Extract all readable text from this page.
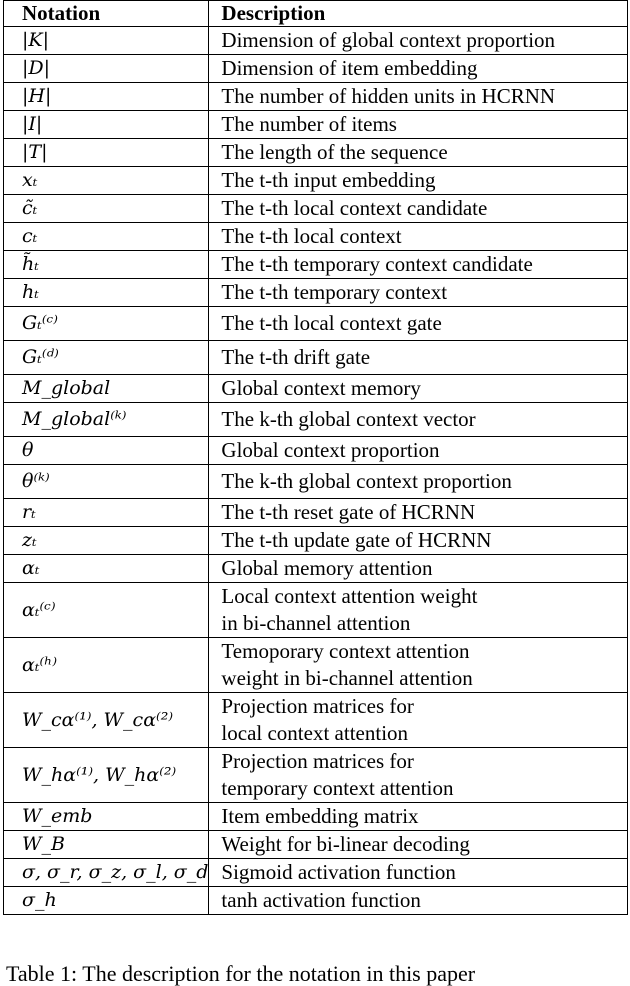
Notation	Description
|K|	Dimension of global context proportion
|D|	Dimension of item embedding
|H|	The number of hidden units in HCRNN
|I|	The number of items
|T|	The length of the sequence
xₜ	The t-th input embedding
c̃ₜ	The t-th local context candidate
cₜ	The t-th local context
h̃ₜ	The t-th temporary context candidate
hₜ	The t-th temporary context
Gₜ⁽ᶜ⁾	The t-th local context gate
Gₜ⁽ᵈ⁾	The t-th drift gate
M_global	Global context memory
M_global⁽ᵏ⁾	The k-th global context vector
θ	Global context proportion
θ⁽ᵏ⁾	The k-th global context proportion
rₜ	The t-th reset gate of HCRNN
zₜ	The t-th update gate of HCRNN
αₜ	Global memory attention
αₜ⁽ᶜ⁾	Local context attention weight
in bi-channel attention
αₜ⁽ʰ⁾	Temoporary context attention
weight in bi-channel attention
W_cα⁽¹⁾, W_cα⁽²⁾	Projection matrices for
local context attention
W_hα⁽¹⁾, W_hα⁽²⁾	Projection matrices for
temporary context attention
W_emb	Item embedding matrix
W_B	Weight for bi-linear decoding
σ, σ_r, σ_z, σ_l, σ_d	Sigmoid activation function
σ_h	tanh activation function
Table 1: The description for the notation in this paper
